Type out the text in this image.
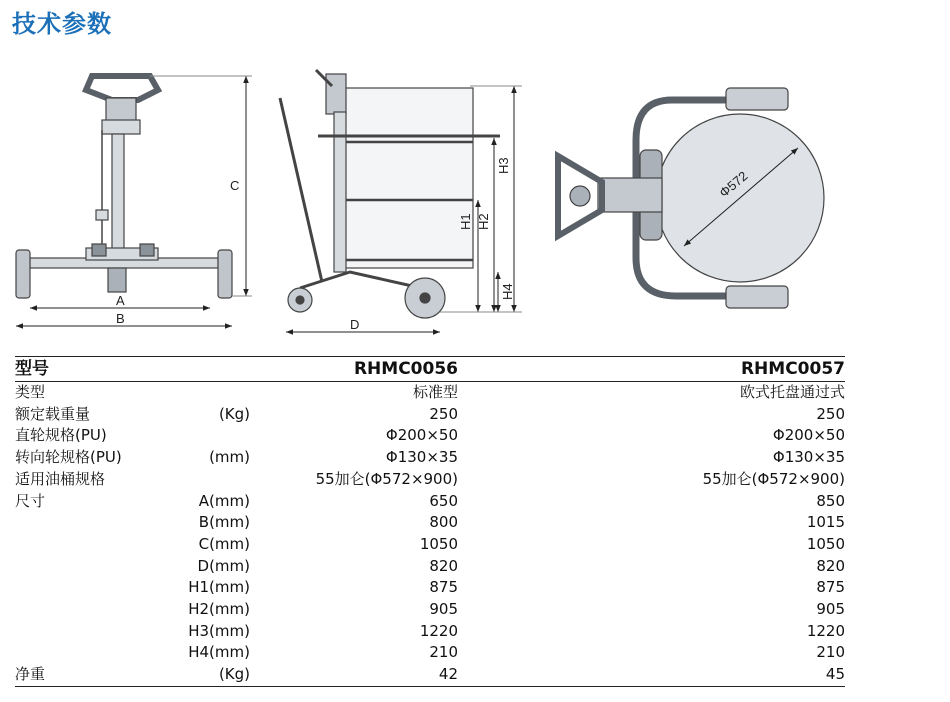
技术参数
A
B
C
D
H1 H2
H3
H4
Φ572
型号		RHMC0056	RHMC0057
类型		标准型	欧式托盘通过式
额定载重量	(Kg)	250	250
直轮规格(PU)		Φ200×50	Φ200×50
转向轮规格(PU)	(mm)	Φ130×35	Φ130×35
适用油桶规格		55加仑(Φ572×900)	55加仑(Φ572×900)
尺寸	A(mm)	650	850
	B(mm)	800	1015
	C(mm)	1050	1050
	D(mm)	820	820
	H1(mm)	875	875
	H2(mm)	905	905
	H3(mm)	1220	1220
	H4(mm)	210	210
净重	(Kg)	42	45
